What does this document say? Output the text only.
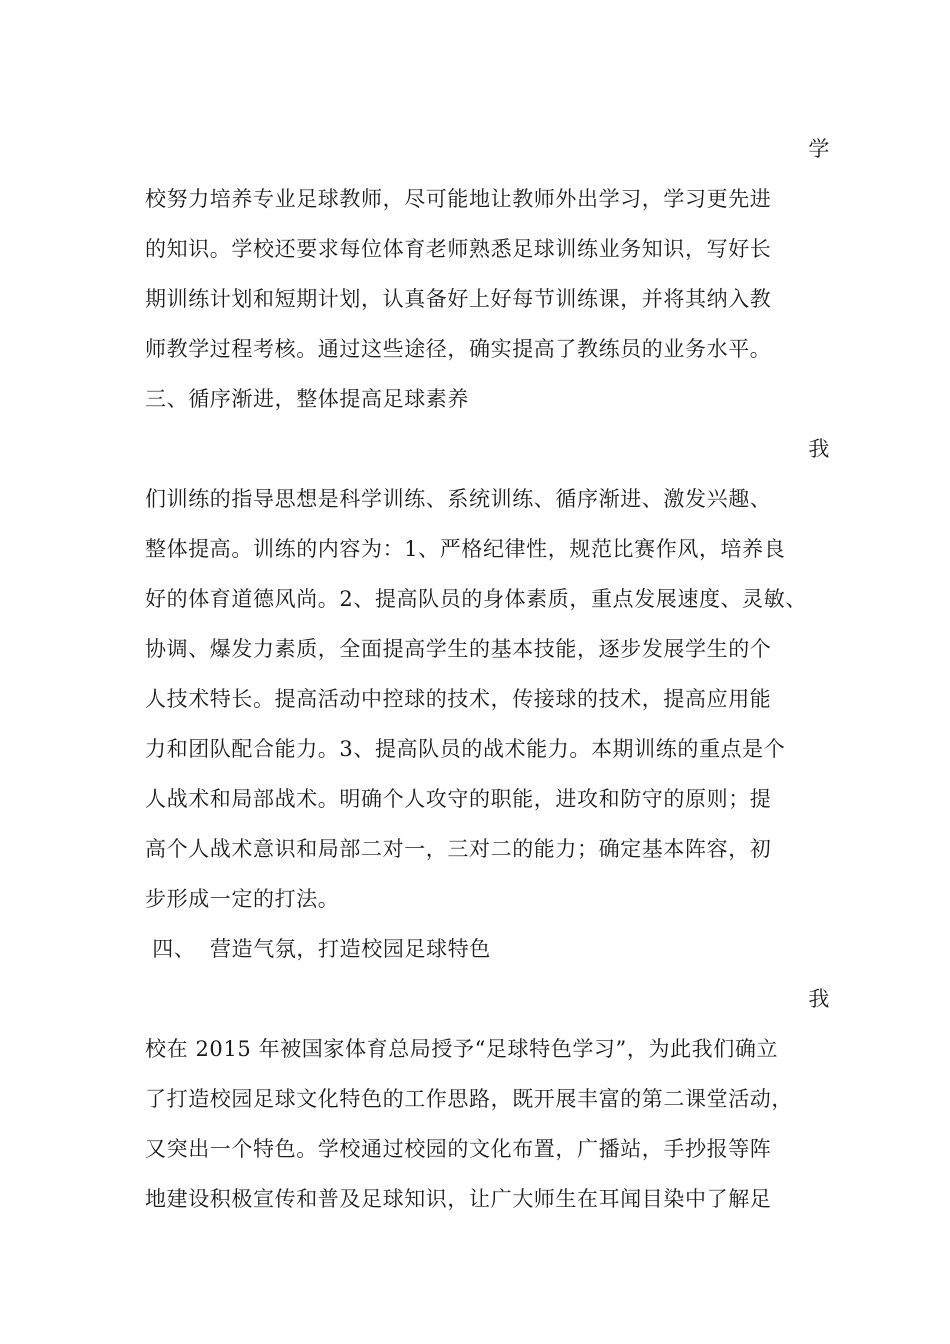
学
校努力培养专业足球教师，尽可能地让教师外出学习，学习更先进
的知识。学校还要求每位体育老师熟悉足球训练业务知识，写好长
期训练计划和短期计划，认真备好上好每节训练课，并将其纳入教
师教学过程考核。通过这些途径，确实提高了教练员的业务水平。
三、循序渐进，整体提高足球素养
我
们训练的指导思想是科学训练、系统训练、循序渐进、激发兴趣、
整体提高。训练的内容为：1、严格纪律性，规范比赛作风，培养良
好的体育道德风尚。2、提高队员的身体素质，重点发展速度、灵敏、
协调、爆发力素质，全面提高学生的基本技能，逐步发展学生的个
人技术特长。提高活动中控球的技术，传接球的技术，提高应用能
力和团队配合能力。3、提高队员的战术能力。本期训练的重点是个
人战术和局部战术。明确个人攻守的职能，进攻和防守的原则；提
高个人战术意识和局部二对一，三对二的能力；确定基本阵容，初
步形成一定的打法。
四、  营造气氛，打造校园足球特色
我
校在 2015 年被国家体育总局授予“足球特色学习”，为此我们确立
了打造校园足球文化特色的工作思路，既开展丰富的第二课堂活动，
又突出一个特色。学校通过校园的文化布置，广播站，手抄报等阵
地建设积极宣传和普及足球知识，让广大师生在耳闻目染中了解足
